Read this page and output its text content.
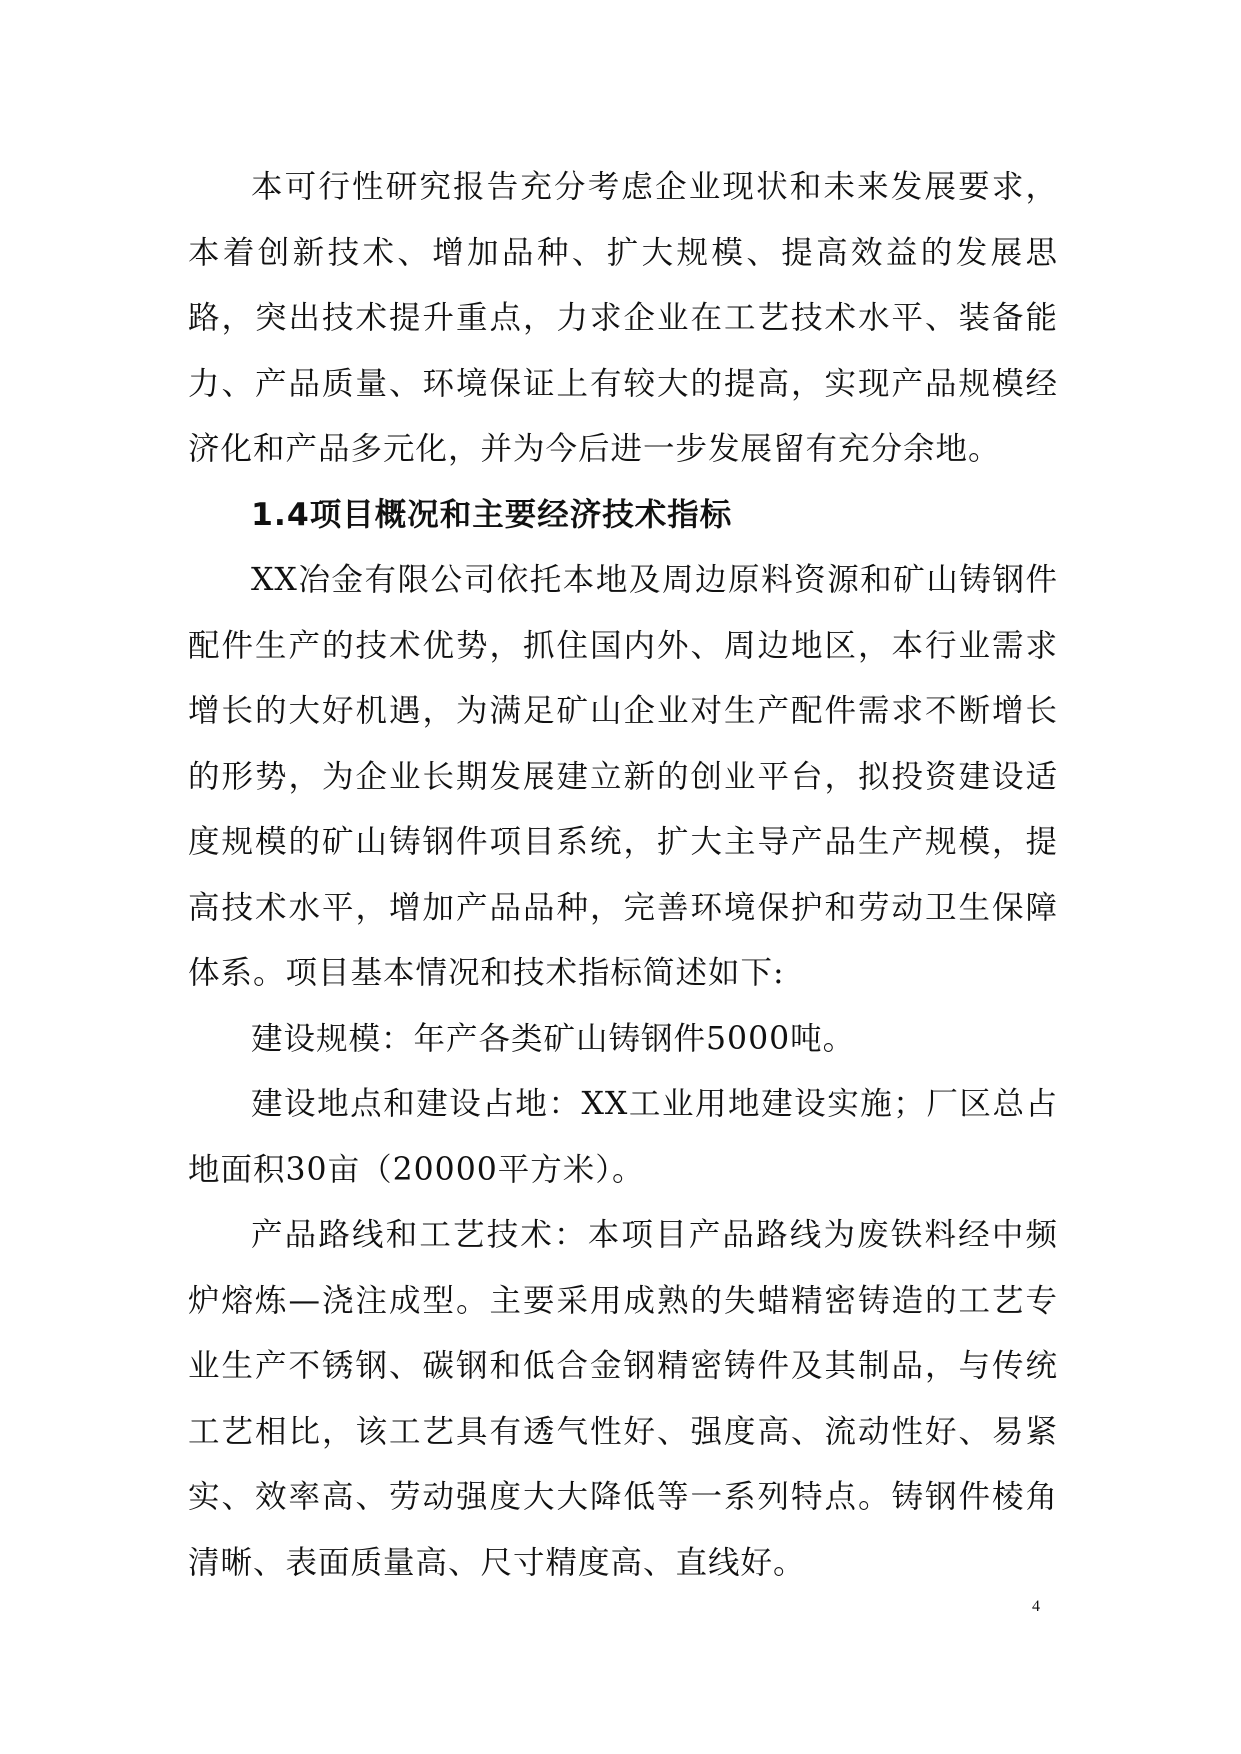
本可行性研究报告充分考虑企业现状和未来发展要求，本着创新技术、增加品种、扩大规模、提高效益的发展思路，突出技术提升重点，力求企业在工艺技术水平、装备能力、产品质量、环境保证上有较大的提高，实现产品规模经济化和产品多元化，并为今后进一步发展留有充分余地。

1.4项目概况和主要经济技术指标

XX冶金有限公司依托本地及周边原料资源和矿山铸钢件配件生产的技术优势，抓住国内外、周边地区，本行业需求增长的大好机遇，为满足矿山企业对生产配件需求不断增长的形势，为企业长期发展建立新的创业平台，拟投资建设适度规模的矿山铸钢件项目系统，扩大主导产品生产规模，提高技术水平，增加产品品种，完善环境保护和劳动卫生保障体系。项目基本情况和技术指标简述如下:

建设规模：年产各类矿山铸钢件5000吨。

建设地点和建设占地：XX工业用地建设实施；厂区总占地面积30亩（20000平方米）。

产品路线和工艺技术：本项目产品路线为废铁料经中频炉熔炼—浇注成型。主要采用成熟的失蜡精密铸造的工艺专业生产不锈钢、碳钢和低合金钢精密铸件及其制品，与传统工艺相比，该工艺具有透气性好、强度高、流动性好、易紧实、效率高、劳动强度大大降低等一系列特点。铸钢件棱角清晰、表面质量高、尺寸精度高、直线好。

4
